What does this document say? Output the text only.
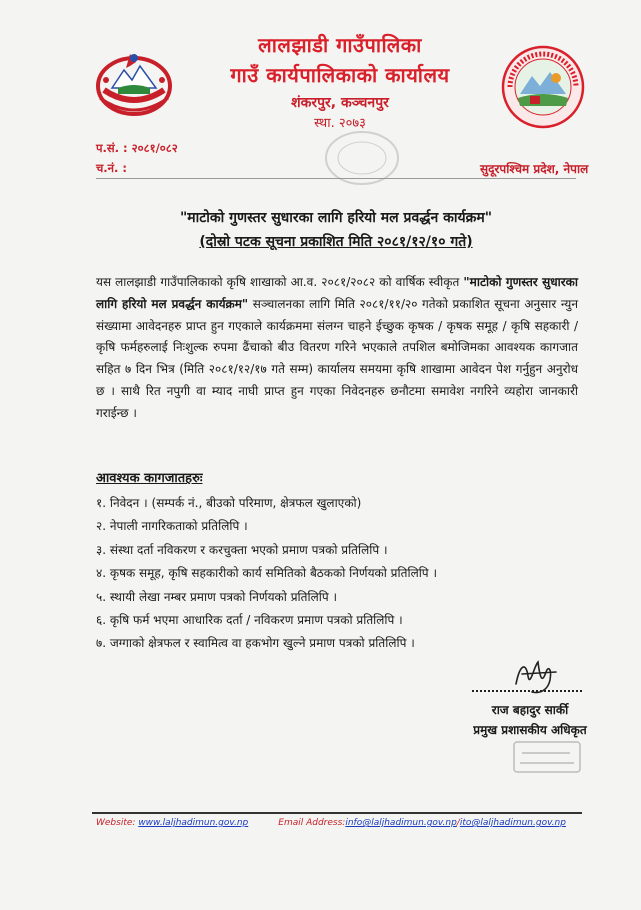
लालझाडी गाउँपालिका
गाउँ कार्यपालिकाको कार्यालय
शंकरपुर, कञ्चनपुर
स्था. २०७३
प.सं. : २०८१/०८२
च.नं. :	सुदूरपश्चिम प्रदेश, नेपाल
"माटोको गुणस्तर सुधारका लागि हरियो मल प्रवर्द्धन कार्यक्रम"
(दोस्रो पटक सूचना प्रकाशित मिति २०८१/१२/१० गते)
यस लालझाडी गाउँपालिकाको कृषि शाखाको आ.व. २०८१/२०८२ को वार्षिक स्वीकृत "माटोको गुणस्तर सुधारका लागि हरियो मल प्रवर्द्धन कार्यक्रम" सञ्चालनका लागि मिति २०८१/११/२० गतेको प्रकाशित सूचना अनुसार न्युन संख्यामा आवेदनहरु प्राप्त हुन गएकाले कार्यक्रममा संलग्न चाहने ईच्छुक कृषक / कृषक समूह / कृषि सहकारी / कृषि फर्महरुलाई निःशुल्क रुपमा ढैंचाको बीउ वितरण गरिने भएकाले तपशिल बमोजिमका आवश्यक कागजात सहित ७ दिन भित्र (मिति २०८१/१२/१७ गते सम्म) कार्यालय समयमा कृषि शाखामा आवेदन पेश गर्नुहुन अनुरोध छ । साथै रित नपुगी वा म्याद नाघी प्राप्त हुन गएका निवेदनहरु छनौटमा समावेश नगरिने व्यहोरा जानकारी गराईन्छ ।
आवश्यक कागजातहरुः
१. निवेदन । (सम्पर्क नं., बीउको परिमाण, क्षेत्रफल खुलाएको)
२. नेपाली नागरिकताको प्रतिलिपि ।
३. संस्था दर्ता नविकरण र करचुक्ता भएको प्रमाण पत्रको प्रतिलिपि ।
४. कृषक समूह, कृषि सहकारीको कार्य समितिको बैठकको निर्णयको प्रतिलिपि ।
५. स्थायी लेखा नम्बर प्रमाण पत्रको निर्णयको प्रतिलिपि ।
६. कृषि फर्म भएमा आधारिक दर्ता / नविकरण प्रमाण पत्रको प्रतिलिपि ।
७. जग्गाको क्षेत्रफल र स्वामित्व वा हकभोग खुल्ने प्रमाण पत्रको प्रतिलिपि ।
राज बहादुर सार्की
प्रमुख प्रशासकीय अधिकृत
Website: www.laljhadimun.gov.np	Email Address:info@laljhadimun.gov.np/ito@laljhadimun.gov.np
